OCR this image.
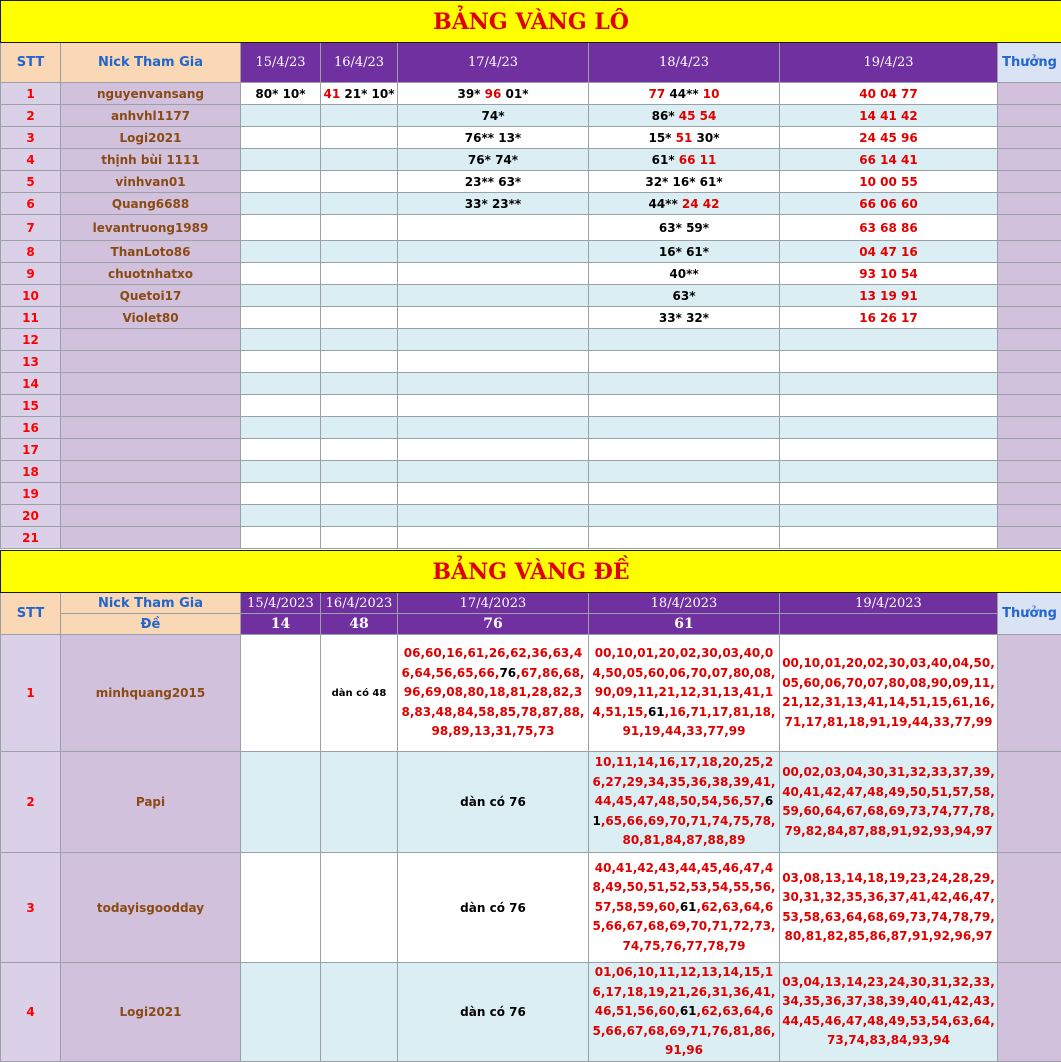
BẢNG VÀNG LÔ							
STT	Nick Tham Gia	15/4/23	16/4/23	17/4/23	18/4/23	19/4/23	Thưởng
1	nguyenvansang	80* 10*	41 21* 10*	39* 96 01*	77 44** 10	40 04 77	
2	anhvhl1177			74*	86* 45 54	14 41 42	
3	Logi2021			76** 13*	15* 51 30*	24 45 96	
4	thịnh bùi 1111			76* 74*	61* 66 11	66 14 41	
5	vinhvan01			23** 63*	32* 16* 61*	10 00 55	
6	Quang6688			33* 23**	44** 24 42	66 06 60	
7	levantruong1989				63* 59*	63 68 86	
8	ThanLoto86				16* 61*	04 47 16	
9	chuotnhatxo				40**	93 10 54	
10	Quetoi17				63*	13 19 91	
11	Violet80				33* 32*	16 26 17	
12							
13							
14							
15							
16							
17							
18							
19							
20							
21							
BẢNG VÀNG ĐỀ							
STT	Nick Tham Gia	15/4/2023	16/4/2023	17/4/2023	18/4/2023	19/4/2023	Thưởng
	Đề	14	48	76	61		
1	minhquang2015		dàn có 48	06,60,16,61,26,62,36,63,46,64,56,65,66,76,67,86,68,96,69,08,80,18,81,28,82,38,83,48,84,58,85,78,87,88,98,89,13,31,75,73	00,10,01,20,02,30,03,40,04,50,05,60,06,70,07,80,08,90,09,11,21,12,31,13,41,14,51,15,61,16,71,17,81,18,91,19,44,33,77,99	00,10,01,20,02,30,03,40,04,50,05,60,06,70,07,80,08,90,09,11,21,12,31,13,41,14,51,15,61,16,71,17,81,18,91,19,44,33,77,99	
2	Papi			dàn có 76	10,11,14,16,17,18,20,25,26,27,29,34,35,36,38,39,41,44,45,47,48,50,54,56,57,61,65,66,69,70,71,74,75,78,80,81,84,87,88,89	00,02,03,04,30,31,32,33,37,39,40,41,42,47,48,49,50,51,57,58,59,60,64,67,68,69,73,74,77,78,79,82,84,87,88,91,92,93,94,97	
3	todayisgoodday			dàn có 76	40,41,42,43,44,45,46,47,48,49,50,51,52,53,54,55,56,57,58,59,60,61,62,63,64,65,66,67,68,69,70,71,72,73,74,75,76,77,78,79	03,08,13,14,18,19,23,24,28,29,30,31,32,35,36,37,41,42,46,47,53,58,63,64,68,69,73,74,78,79,80,81,82,85,86,87,91,92,96,97	
4	Logi2021			dàn có 76	01,06,10,11,12,13,14,15,16,17,18,19,21,26,31,36,41,46,51,56,60,61,62,63,64,65,66,67,68,69,71,76,81,86,91,96	03,04,13,14,23,24,30,31,32,33,34,35,36,37,38,39,40,41,42,43,44,45,46,47,48,49,53,54,63,64,73,74,83,84,93,94	
